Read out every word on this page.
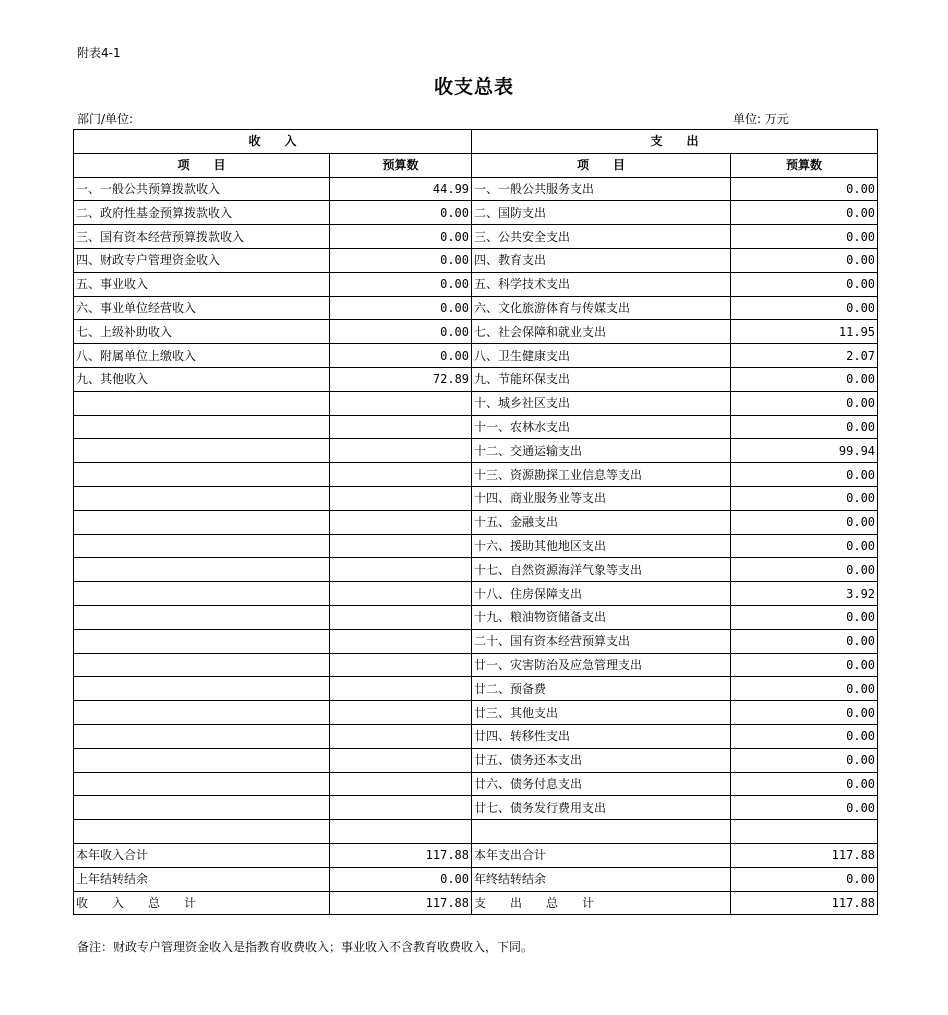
附表4-1
收支总表
部门/单位:	单位: 万元
收　　入		支　　出	
项　　目	预算数	项　　目	预算数
一、一般公共预算拨款收入	44.99	一、一般公共服务支出	0.00
二、政府性基金预算拨款收入	0.00	二、国防支出	0.00
三、国有资本经营预算拨款收入	0.00	三、公共安全支出	0.00
四、财政专户管理资金收入	0.00	四、教育支出	0.00
五、事业收入	0.00	五、科学技术支出	0.00
六、事业单位经营收入	0.00	六、文化旅游体育与传媒支出	0.00
七、上级补助收入	0.00	七、社会保障和就业支出	11.95
八、附属单位上缴收入	0.00	八、卫生健康支出	2.07
九、其他收入	72.89	九、节能环保支出	0.00
		十、城乡社区支出	0.00
		十一、农林水支出	0.00
		十二、交通运输支出	99.94
		十三、资源勘探工业信息等支出	0.00
		十四、商业服务业等支出	0.00
		十五、金融支出	0.00
		十六、援助其他地区支出	0.00
		十七、自然资源海洋气象等支出	0.00
		十八、住房保障支出	3.92
		十九、粮油物资储备支出	0.00
		二十、国有资本经营预算支出	0.00
		廿一、灾害防治及应急管理支出	0.00
		廿二、预备费	0.00
		廿三、其他支出	0.00
		廿四、转移性支出	0.00
		廿五、债务还本支出	0.00
		廿六、债务付息支出	0.00
		廿七、债务发行费用支出	0.00

本年收入合计	117.88	本年支出合计	117.88
上年结转结余	0.00	年终结转结余	0.00
收　　入　　总　　计	117.88	支　　出　　总　　计	117.88
备注：财政专户管理资金收入是指教育收费收入；事业收入不含教育收费收入，下同。
